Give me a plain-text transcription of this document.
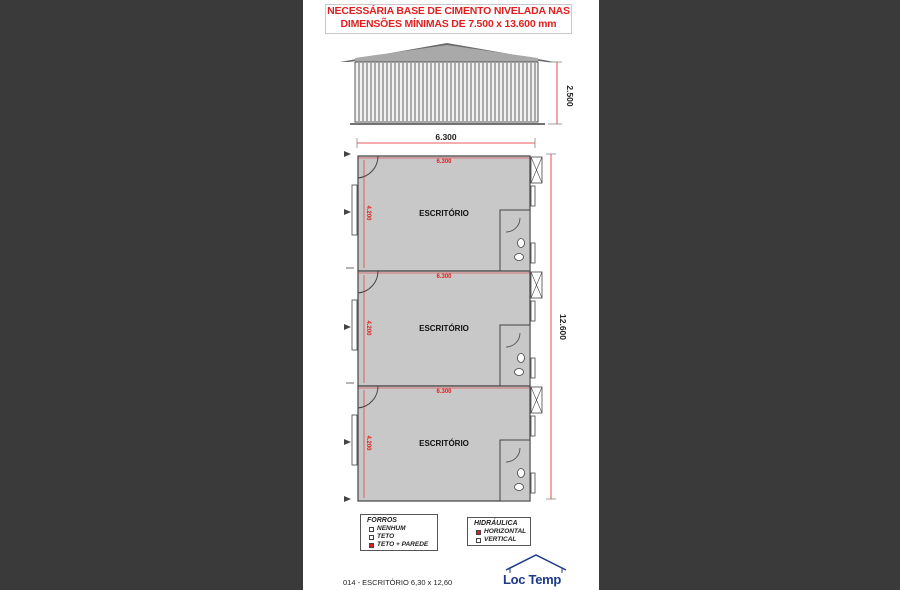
NECESSÁRIA BASE DE CIMENTO NIVELADA NAS
DIMENSÕES MÍNIMAS DE 7.500 x 13.600 mm
2.500
6.300
12.600
6.300
4.200	ESCRITÓRIO
6.300
4.200	ESCRITÓRIO
6.300
4.200	ESCRITÓRIO
FORROS
NENHUM
TETO
TETO + PAREDE
HIDRÁULICA
HORIZONTAL
VERTICAL
014 - ESCRITÓRIO 6,30 x 12,60	Loc Temp
